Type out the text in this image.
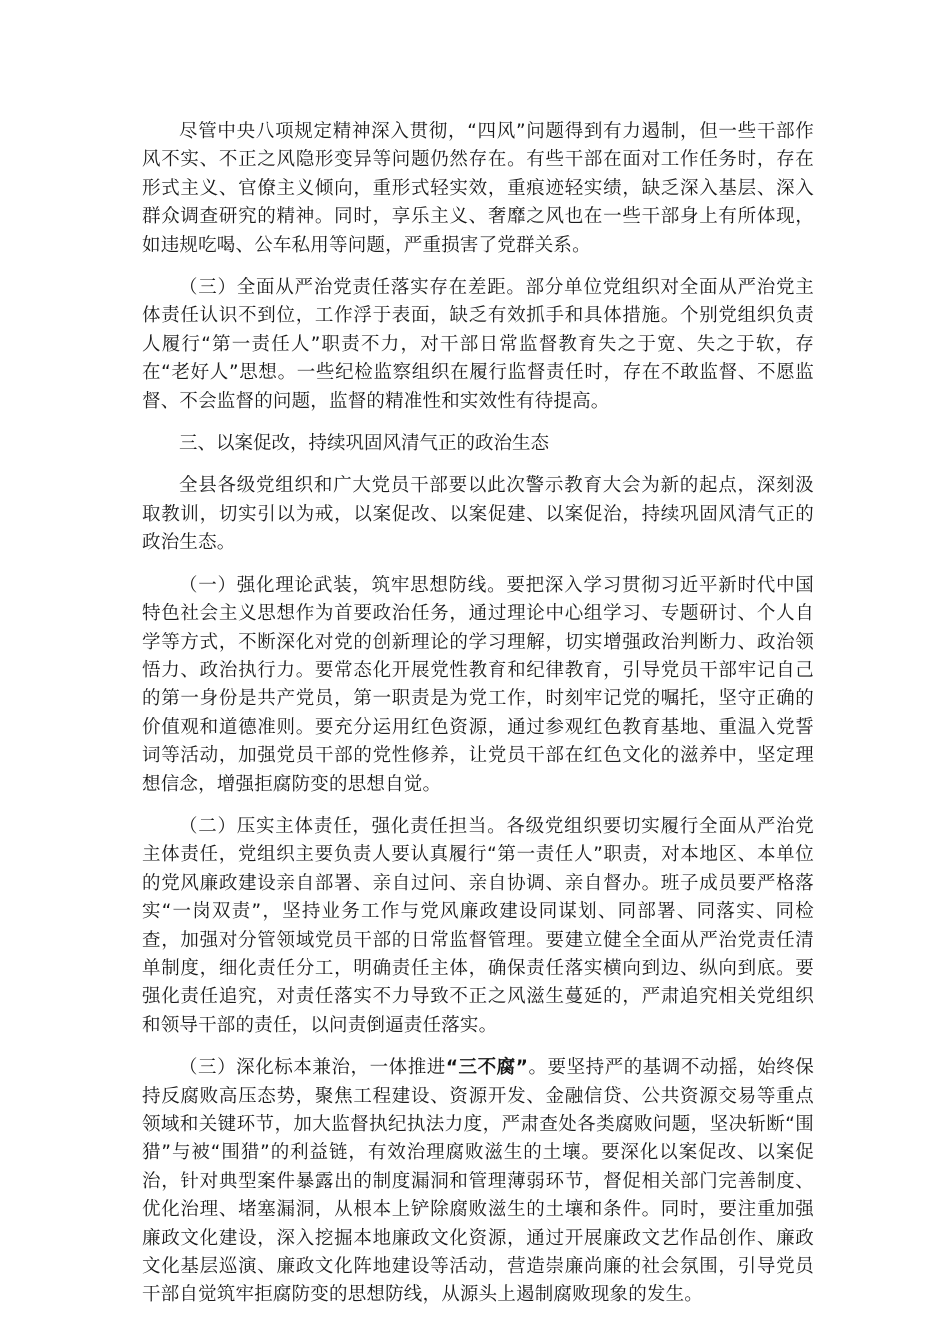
尽管中央八项规定精神深入贯彻，“四风”问题得到有力遏制，但一些干部作风不实、不正之风隐形变异等问题仍然存在。有些干部在面对工作任务时，存在形式主义、官僚主义倾向，重形式轻实效，重痕迹轻实绩，缺乏深入基层、深入群众调查研究的精神。同时，享乐主义、奢靡之风也在一些干部身上有所体现，如违规吃喝、公车私用等问题，严重损害了党群关系。

（三）全面从严治党责任落实存在差距。部分单位党组织对全面从严治党主体责任认识不到位，工作浮于表面，缺乏有效抓手和具体措施。个别党组织负责人履行“第一责任人”职责不力，对干部日常监督教育失之于宽、失之于软，存在“老好人”思想。一些纪检监察组织在履行监督责任时，存在不敢监督、不愿监督、不会监督的问题，监督的精准性和实效性有待提高。

三、以案促改，持续巩固风清气正的政治生态

全县各级党组织和广大党员干部要以此次警示教育大会为新的起点，深刻汲取教训，切实引以为戒，以案促改、以案促建、以案促治，持续巩固风清气正的政治生态。

（一）强化理论武装，筑牢思想防线。要把深入学习贯彻习近平新时代中国特色社会主义思想作为首要政治任务，通过理论中心组学习、专题研讨、个人自学等方式，不断深化对党的创新理论的学习理解，切实增强政治判断力、政治领悟力、政治执行力。要常态化开展党性教育和纪律教育，引导党员干部牢记自己的第一身份是共产党员，第一职责是为党工作，时刻牢记党的嘱托，坚守正确的价值观和道德准则。要充分运用红色资源，通过参观红色教育基地、重温入党誓词等活动，加强党员干部的党性修养，让党员干部在红色文化的滋养中，坚定理想信念，增强拒腐防变的思想自觉。

（二）压实主体责任，强化责任担当。各级党组织要切实履行全面从严治党主体责任，党组织主要负责人要认真履行“第一责任人”职责，对本地区、本单位的党风廉政建设亲自部署、亲自过问、亲自协调、亲自督办。班子成员要严格落实“一岗双责”，坚持业务工作与党风廉政建设同谋划、同部署、同落实、同检查，加强对分管领域党员干部的日常监督管理。要建立健全全面从严治党责任清单制度，细化责任分工，明确责任主体，确保责任落实横向到边、纵向到底。要强化责任追究，对责任落实不力导致不正之风滋生蔓延的，严肃追究相关党组织和领导干部的责任，以问责倒逼责任落实。

（三）深化标本兼治，一体推进“三不腐”。要坚持严的基调不动摇，始终保持反腐败高压态势，聚焦工程建设、资源开发、金融信贷、公共资源交易等重点领域和关键环节，加大监督执纪执法力度，严肃查处各类腐败问题，坚决斩断“围猎”与被“围猎”的利益链，有效治理腐败滋生的土壤。要深化以案促改、以案促治，针对典型案件暴露出的制度漏洞和管理薄弱环节，督促相关部门完善制度、优化治理、堵塞漏洞，从根本上铲除腐败滋生的土壤和条件。同时，要注重加强廉政文化建设，深入挖掘本地廉政文化资源，通过开展廉政文艺作品创作、廉政文化基层巡演、廉政文化阵地建设等活动，营造崇廉尚廉的社会氛围，引导党员干部自觉筑牢拒腐防变的思想防线，从源头上遏制腐败现象的发生。
